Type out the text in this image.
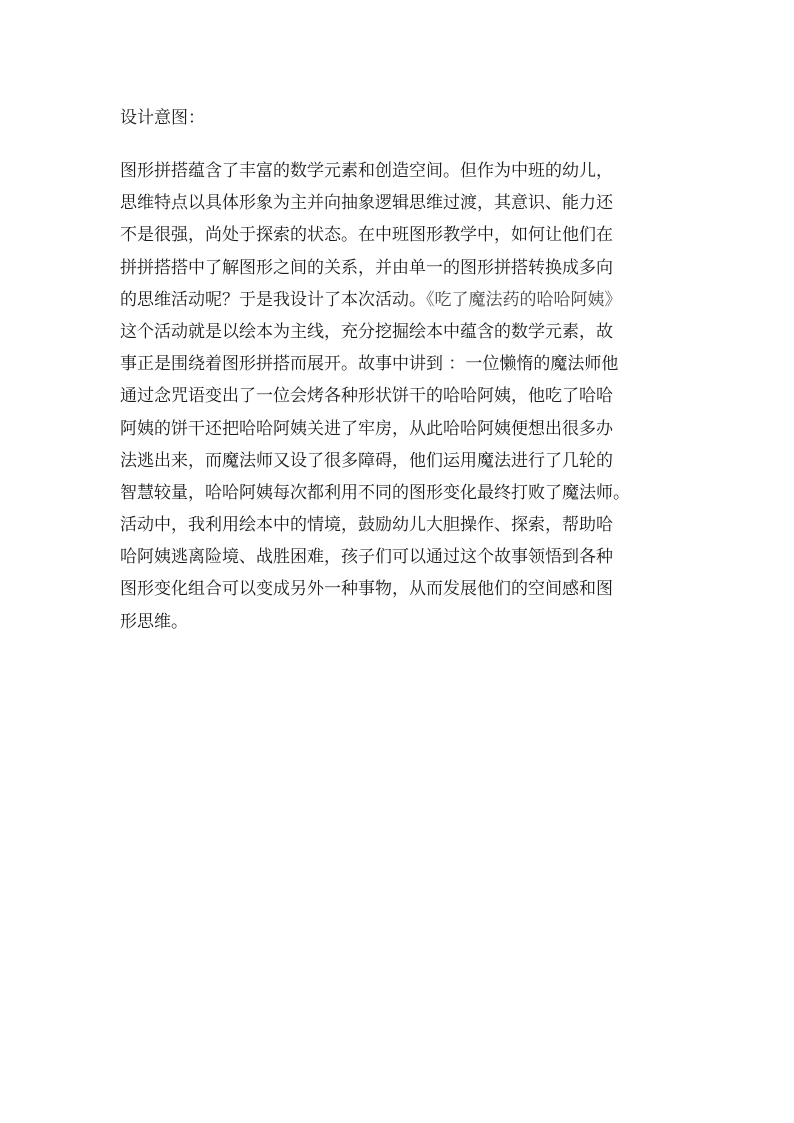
设计意图：
图形拼搭蕴含了丰富的数学元素和创造空间。但作为中班的幼儿，
思维特点以具体形象为主并向抽象逻辑思维过渡，其意识、能力还
不是很强，尚处于探索的状态。在中班图形教学中，如何让他们在
拼拼搭搭中了解图形之间的关系，并由单一的图形拼搭转换成多向
的思维活动呢？于是我设计了本次活动。《吃了魔法药的哈哈阿姨》
这个活动就是以绘本为主线，充分挖掘绘本中蕴含的数学元素，故
事正是围绕着图形拼搭而展开。故事中讲到 ：一位懒惰的魔法师他
通过念咒语变出了一位会烤各种形状饼干的哈哈阿姨，他吃了哈哈
阿姨的饼干还把哈哈阿姨关进了牢房，从此哈哈阿姨便想出很多办
法逃出来，而魔法师又设了很多障碍，他们运用魔法进行了几轮的
智慧较量，哈哈阿姨每次都利用不同的图形变化最终打败了魔法师。
活动中，我利用绘本中的情境，鼓励幼儿大胆操作、探索，帮助哈
哈阿姨逃离险境、战胜困难，孩子们可以通过这个故事领悟到各种
图形变化组合可以变成另外一种事物，从而发展他们的空间感和图
形思维。
